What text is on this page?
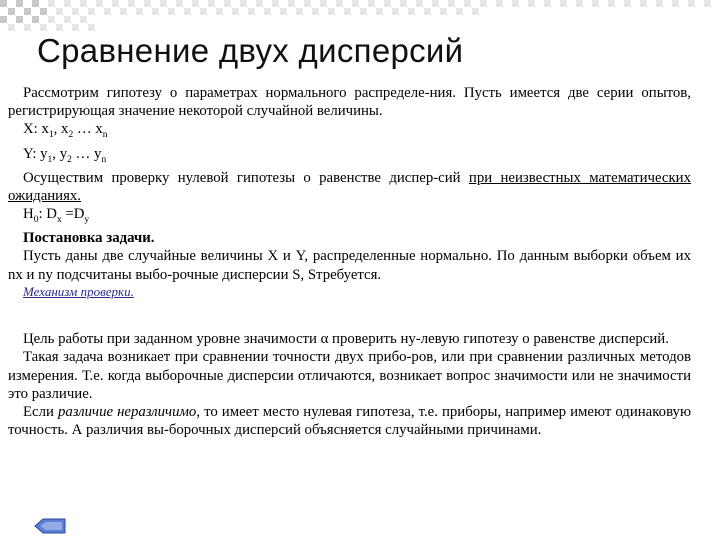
Сравнение двух дисперсий

Рассмотрим гипотезу о параметрах нормального распределе-ния. Пусть имеется две серии опытов, регистрирующая значение некоторой случайной величины.

X: $x_1$, $x_2$ … $x_n$

Y: $y_1$, $y_2$ … $y_n$

Осуществим проверку нулевой гипотезы о равенстве диспер-сий при неизвестных математических ожиданиях.

$H_0$: $D_x =D_y$

Постановка задачи.

Пусть даны две случайные величины X и Y, распределенные нормально. По данным выборки объем их nx и ny подсчитаны выбо-рочные дисперсии S, Sтребуется.

Механизм проверки.

Цель работы при заданном уровне значимости α проверить ну-левую гипотезу о равенстве дисперсий.

Такая задача возникает при сравнении точности двух прибо-ров, или при сравнении различных методов измерения. Т.е. когда выборочные дисперсии отличаются, возникает вопрос значимости или не значимости это различие.

Если различие неразличимо, то имеет место нулевая гипотеза, т.е. приборы, например имеют одинаковую точность. А различия вы-борочных дисперсий объясняется случайными причинами.
